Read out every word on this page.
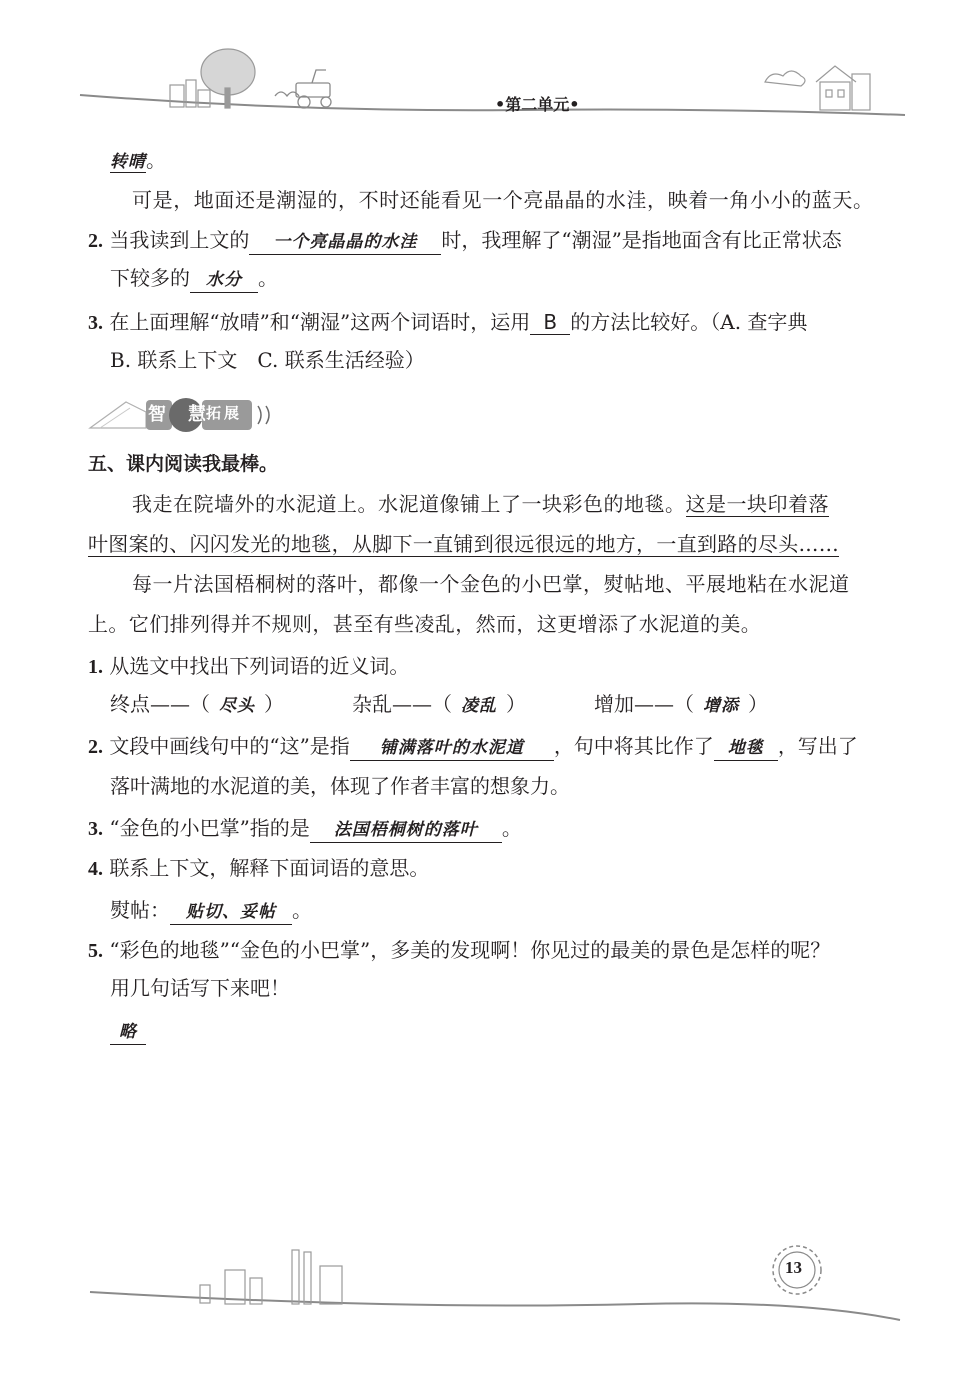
•第二单元•
转晴。
可是，地面还是潮湿的，不时还能看见一个亮晶晶的水洼，映着一角小小的蓝天。
2. 当我读到上文的 一个亮晶晶的水洼 时，我理解了“潮湿”是指地面含有比正常状态
下较多的 水分 。
3. 在上面理解“放晴”和“潮湿”这两个词语时，运用 B 的方法比较好。（A. 查字典
B. 联系上下文　C. 联系生活经验）
智 慧 拓 展
五、课内阅读我最棒。
我走在院墙外的水泥道上。水泥道像铺上了一块彩色的地毯。这是一块印着落
叶图案的、闪闪发光的地毯，从脚下一直铺到很远很远的地方，一直到路的尽头……
每一片法国梧桐树的落叶，都像一个金色的小巴掌，熨帖地、平展地粘在水泥道
上。它们排列得并不规则，甚至有些凌乱，然而，这更增添了水泥道的美。
1. 从选文中找出下列词语的近义词。
终点——（ 尽头 ）	杂乱——（ 凌乱 ）	增加——（ 增添 ）
2. 文段中画线句中的“这”是指 铺满落叶的水泥道 ，句中将其比作了 地毯 ，写出了
落叶满地的水泥道的美，体现了作者丰富的想象力。
3. “金色的小巴掌”指的是 法国梧桐树的落叶 。
4. 联系上下文，解释下面词语的意思。
熨帖： 贴切、妥帖 。
5. “彩色的地毯”“金色的小巴掌”，多美的发现啊！你见过的最美的景色是怎样的呢？
用几句话写下来吧！
略
13
